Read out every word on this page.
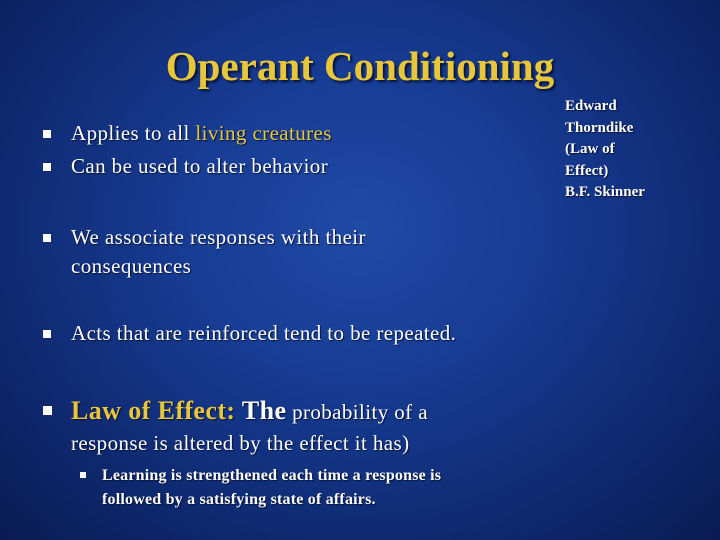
Operant Conditioning
Edward
Thorndike
(Law of
Effect)
B.F. Skinner
Applies to all living creatures
Can be used to alter behavior
We associate responses with their
consequences
Acts that are reinforced tend to be repeated.
Law of Effect: The probability of a
response is altered by the effect it has)
Learning is strengthened each time a response is
followed by a satisfying state of affairs.
